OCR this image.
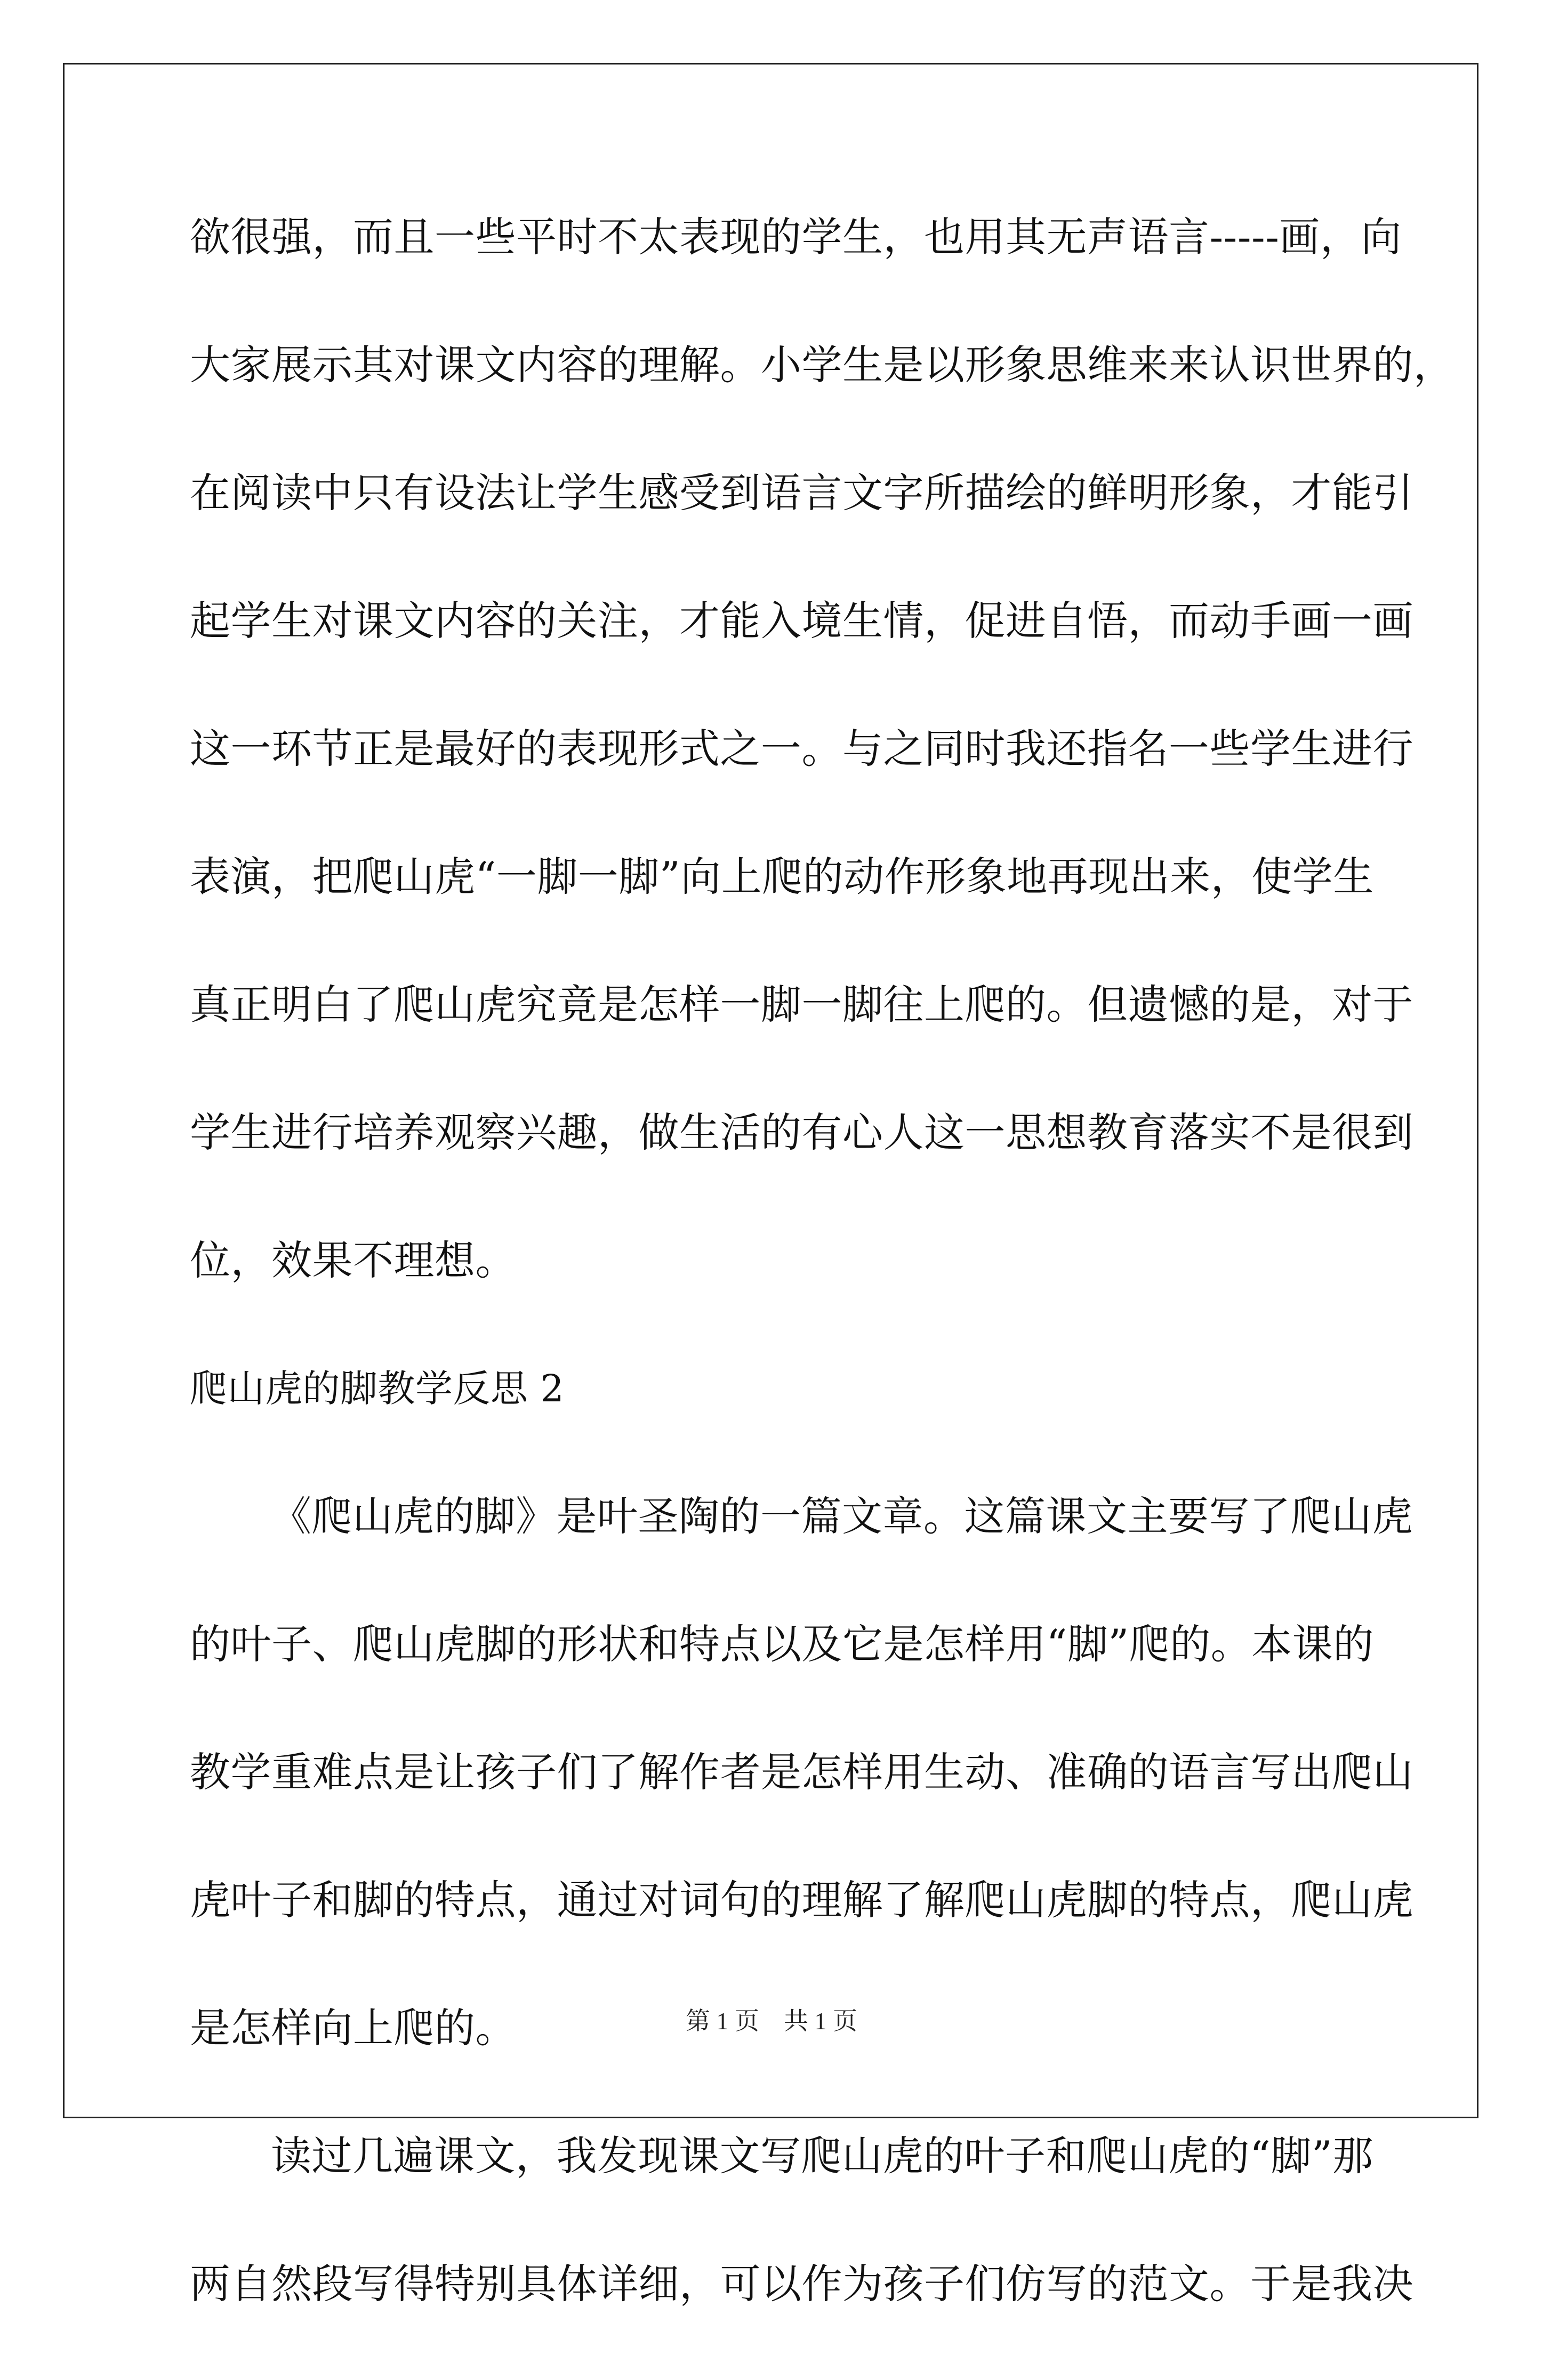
欲很强，而且一些平时不太表现的学生，也用其无声语言-----画，向
大家展示其对课文内容的理解。小学生是以形象思维来来认识世界的，
在阅读中只有设法让学生感受到语言文字所描绘的鲜明形象，才能引
起学生对课文内容的关注，才能入境生情，促进自悟，而动手画一画
这一环节正是最好的表现形式之一。与之同时我还指名一些学生进行
表演，把爬山虎“一脚一脚”向上爬的动作形象地再现出来，使学生
真正明白了爬山虎究竟是怎样一脚一脚往上爬的。但遗憾的是，对于
学生进行培养观察兴趣，做生活的有心人这一思想教育落实不是很到
位，效果不理想。
爬山虎的脚教学反思 2
《爬山虎的脚》是叶圣陶的一篇文章。这篇课文主要写了爬山虎
的叶子、爬山虎脚的形状和特点以及它是怎样用“脚”爬的。本课的
教学重难点是让孩子们了解作者是怎样用生动、准确的语言写出爬山
虎叶子和脚的特点，通过对词句的理解了解爬山虎脚的特点，爬山虎
是怎样向上爬的。
读过几遍课文，我发现课文写爬山虎的叶子和爬山虎的“脚”那
两自然段写得特别具体详细，可以作为孩子们仿写的范文。于是我决
第 1 页    共 1 页
